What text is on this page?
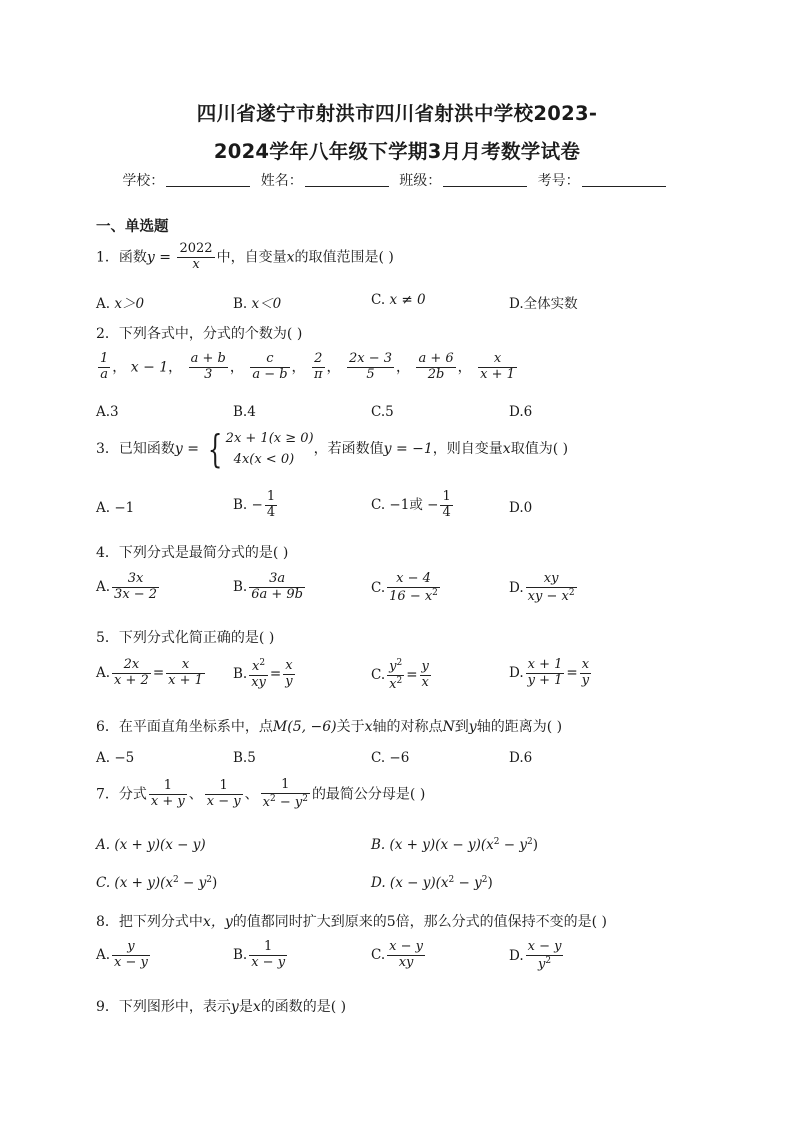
四川省遂宁市射洪市四川省射洪中学校2023-
2024学年八年级下学期3月月考数学试卷
学校：	姓名：	班级：	考号：
一、单选题
1．函数$y = \frac{2022}{x}$ 中，自变量x的取值范围是( )
A. x＞0	B. x＜0	C. x ≠ 0	D.全体实数
2．下列各式中，分式的个数为( )
$\frac{1}{a}$ ， x − 1， $\frac{a + b}{3}$ ， $\frac{c}{a - b}$ ， $\frac{2}{\pi}$ ， $\frac{2x - 3}{5}$ ， $\frac{a + 6}{2b}$ ， $\frac{x}{x + 1}$
A.3	B.4	C.5	D.6
3．已知函数y = { 2x + 1(x ≥ 0)
4x(x < 0)
，若函数值y = −1，则自变量x取值为( )
A. −1	B. − $\frac{1}{4}$	C. −1或 − $\frac{1}{4}$	D.0
4．下列分式是最简分式的是( )
A. $\frac{3x}{3x - 2}$	B. $\frac{3a}{6a + 9b}$	C. $\frac{x - 4}{16 - x^2}$	D. $\frac{xy}{xy - x^2}$
5．下列分式化简正确的是( )
A. $\frac{2x}{x + 2} = \frac{x}{x + 1} B$. $\frac{x^2}{xy} = \frac{x}{y}$	C. $\frac{y^2}{x^2} = \frac{y}{x}$	D. $\frac{x + 1}{y + 1} = \frac{x}{y}$
6．在平面直角坐标系中，点M(5, −6)关于x轴的对称点N到y轴的距离为( )
A. −5	B.5	C. −6	D.6
7．分式 $\frac{1}{x + y}$ 、 $\frac{1}{x - y}$ 、 $\frac{1}{x^2 - y^2}$ 的最简公分母是( )
A. (x + y)(x − y)	B. $(x + y)(x - y)(x^2 - y^2)$
C. $(x + y)(x^2 - y^2)$	D. $(x - y)(x^2 - y^2)$
8．把下列分式中x，y的值都同时扩大到原来的5倍，那么分式的值保持不变的是( )
A. $\frac{y}{x - y}$	B. $\frac{1}{x - y}$	C. $\frac{x - y}{xy}$	D. $\frac{x - y}{y^2}$
9．下列图形中，表示y是x的函数的是( )
